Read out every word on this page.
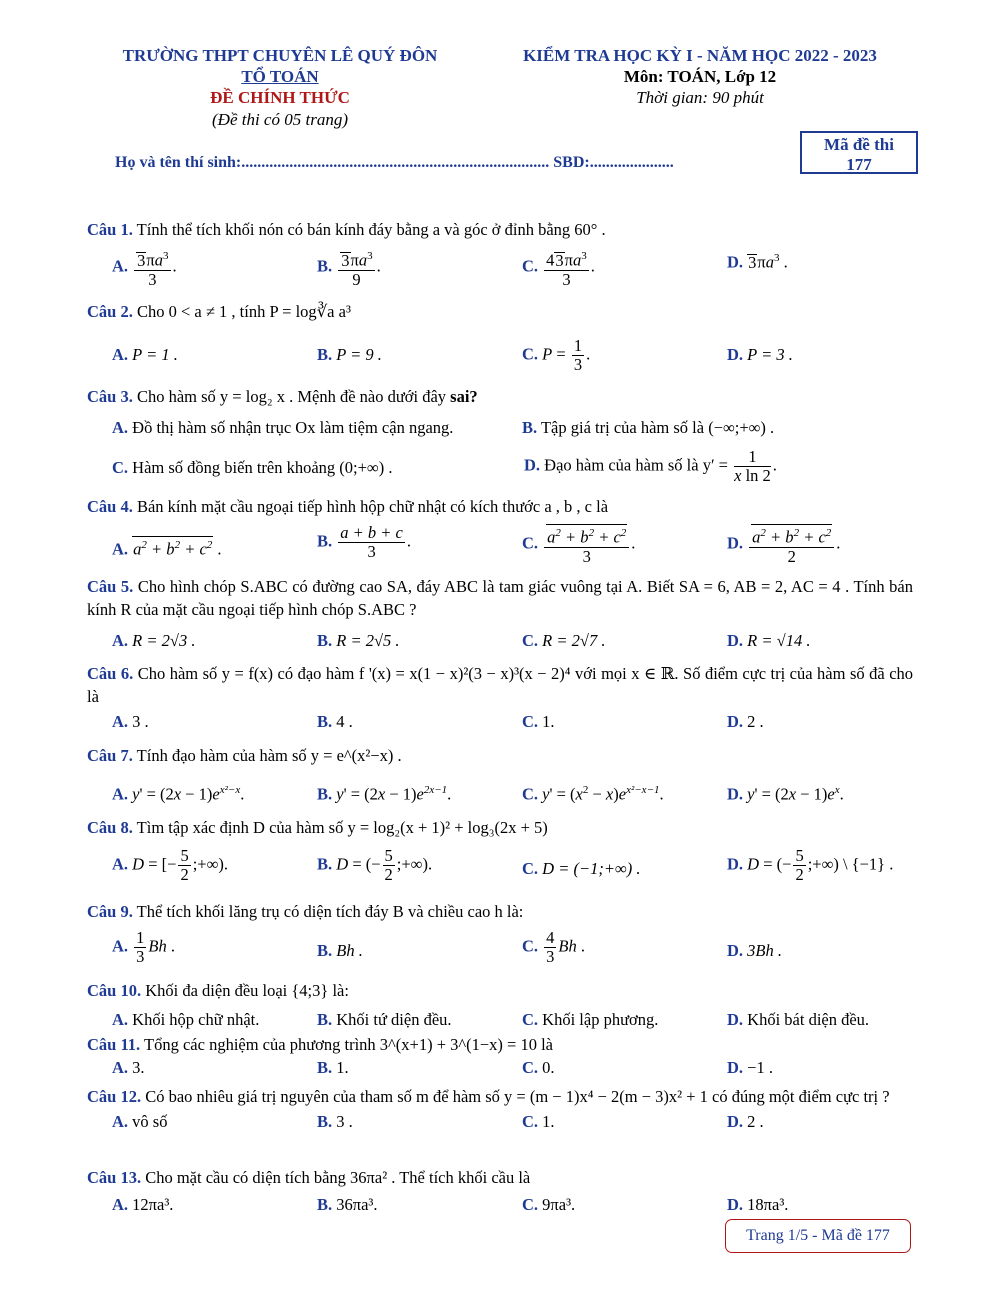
TRƯỜNG THPT CHUYÊN LÊ QUÝ ĐÔN
TỔ TOÁN
ĐỀ CHÍNH THỨC
(Đề thi có 05 trang)
KIỂM TRA HỌC KỲ I - NĂM HỌC 2022 - 2023
Môn: TOÁN, Lớp 12
Thời gian: 90 phút
Mã đề thi
177
Họ và tên thí sinh:............................................................................. SBD:.....................
Câu 1. Tính thể tích khối nón có bán kính đáy bằng a và góc ở đỉnh bằng 60° .
A. $\frac{3\pi a^3}{3}$ .	B. $\frac{3\pi a^3}{9}$ .	C. $\frac{43\pi a^3}{3}$ .	D. $3\pi a^3$ .
Câu 2. Cho 0 < a ≠ 1 , tính P = log∛a a³
A. P = 1 .	B. P = 9 .	C. $P = \frac{1}{3}$ .	D. P = 3 .
Câu 3. Cho hàm số y = log₂ x . Mệnh đề nào dưới đây sai?
A. Đồ thị hàm số nhận trục Ox làm tiệm cận ngang.	B. Tập giá trị của hàm số là (−∞;+∞) .
C. Hàm số đồng biến trên khoảng (0;+∞) .	D. Đạo hàm của hàm số là $y' = \frac{1}{\text{x ln 2}}$ .
Câu 4. Bán kính mặt cầu ngoại tiếp hình hộp chữ nhật có kích thước a , b , c là
A. $a^2 + b^2 + c^2$ .	B. $\frac{a + b + c}{3}$ .	C. $\frac{a^2 + b^2 + c^2}{3}$ .	D. $\frac{a^2 + b^2 + c^2}{2}$ .
Câu 5. Cho hình chóp S.ABC có đường cao SA, đáy ABC là tam giác vuông tại A. Biết SA = 6, AB = 2, AC = 4 . Tính bán kính R của mặt cầu ngoại tiếp hình chóp S.ABC ?
A. R = 2√3 .	B. R = 2√5 .	C. R = 2√7 .	D. R = √14 .
Câu 6. Cho hàm số y = f(x) có đạo hàm f '(x) = x(1 − x)²(3 − x)³(x − 2)⁴ với mọi x ∈ ℝ. Số điểm cực trị của hàm số đã cho là
A. 3 .	B. 4 .	C. 1.	D. 2 .
Câu 7. Tính đạo hàm của hàm số y = e^(x²−x) .
A. $y' = (2x - 1)e^{x^2-x}$.	B. $y' = (2x - 1)e^{2x-1}$.	C. $y' = (x^2 - x)e^{x^2-x-1}$.	D. $y' = (2x - 1)e^x$.
Câu 8. Tìm tập xác định D của hàm số y = log₂(x + 1)² + log₃(2x + 5)
A. D = [− $\frac{5}{2}$ ;+∞).	B. D = (− $\frac{5}{2}$ ;+∞).	C. D = (−1;+∞) .	D. D = (− $\frac{5}{2}$ ;+∞) \ {−1} .
Câu 9. Thể tích khối lăng trụ có diện tích đáy B và chiều cao h là:
A. $\frac{1}{3}$ Bh .	B. Bh .	C. $\frac{4}{3}$ Bh .	D. 3Bh .
Câu 10. Khối đa diện đều loại {4;3} là:
A. Khối hộp chữ nhật.	B. Khối tứ diện đều.	C. Khối lập phương.	D. Khối bát diện đều.
Câu 11. Tổng các nghiệm của phương trình 3^(x+1) + 3^(1−x) = 10 là
A. 3.	B. 1.	C. 0.	D. −1 .
Câu 12. Có bao nhiêu giá trị nguyên của tham số m để hàm số y = (m − 1)x⁴ − 2(m − 3)x² + 1 có đúng một điểm cực trị ?
A. vô số	B. 3 .	C. 1.	D. 2 .
Câu 13. Cho mặt cầu có diện tích bằng 36πa² . Thể tích khối cầu là
A. 12πa³.	B. 36πa³.	C. 9πa³.	D. 18πa³.
Trang 1/5 - Mã đề 177
